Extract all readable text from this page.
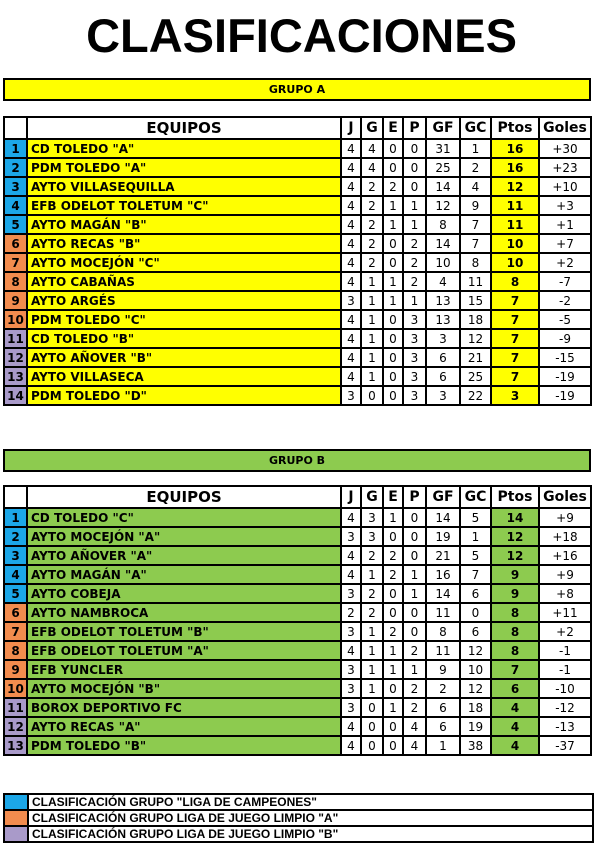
CLASIFICACIONES
GRUPO A
	EQUIPOS	J	G	E	P	GF	GC	Ptos	Goles
1	CD TOLEDO "A"	4	4	0	0	31	1	16	+30
2	PDM TOLEDO "A"	4	4	0	0	25	2	16	+23
3	AYTO VILLASEQUILLA	4	2	2	0	14	4	12	+10
4	EFB ODELOT TOLETUM "C"	4	2	1	1	12	9	11	+3
5	AYTO MAGÁN "B"	4	2	1	1	8	7	11	+1
6	AYTO RECAS "B"	4	2	0	2	14	7	10	+7
7	AYTO MOCEJÓN "C"	4	2	0	2	10	8	10	+2
8	AYTO CABAÑAS	4	1	1	2	4	11	8	-7
9	AYTO ARGÉS	3	1	1	1	13	15	7	-2
10	PDM TOLEDO "C"	4	1	0	3	13	18	7	-5
11	CD TOLEDO "B"	4	1	0	3	3	12	7	-9
12	AYTO AÑOVER "B"	4	1	0	3	6	21	7	-15
13	AYTO VILLASECA	4	1	0	3	6	25	7	-19
14	PDM TOLEDO "D"	3	0	0	3	3	22	3	-19
GRUPO B
	EQUIPOS	J	G	E	P	GF	GC	Ptos	Goles
1	CD TOLEDO "C"	4	3	1	0	14	5	14	+9
2	AYTO MOCEJÓN "A"	3	3	0	0	19	1	12	+18
3	AYTO AÑOVER "A"	4	2	2	0	21	5	12	+16
4	AYTO MAGÁN "A"	4	1	2	1	16	7	9	+9
5	AYTO COBEJA	3	2	0	1	14	6	9	+8
6	AYTO NAMBROCA	2	2	0	0	11	0	8	+11
7	EFB ODELOT TOLETUM "B"	3	1	2	0	8	6	8	+2
8	EFB ODELOT TOLETUM "A"	4	1	1	2	11	12	8	-1
9	EFB YUNCLER	3	1	1	1	9	10	7	-1
10	AYTO MOCEJÓN "B"	3	1	0	2	2	12	6	-10
11	BOROX DEPORTIVO FC	3	0	1	2	6	18	4	-12
12	AYTO RECAS "A"	4	0	0	4	6	19	4	-13
13	PDM TOLEDO "B"	4	0	0	4	1	38	4	-37
	CLASIFICACIÓN GRUPO "LIGA DE CAMPEONES"
	CLASIFICACIÓN GRUPO LIGA DE JUEGO LIMPIO "A"
	CLASIFICACIÓN GRUPO LIGA DE JUEGO LIMPIO "B"
